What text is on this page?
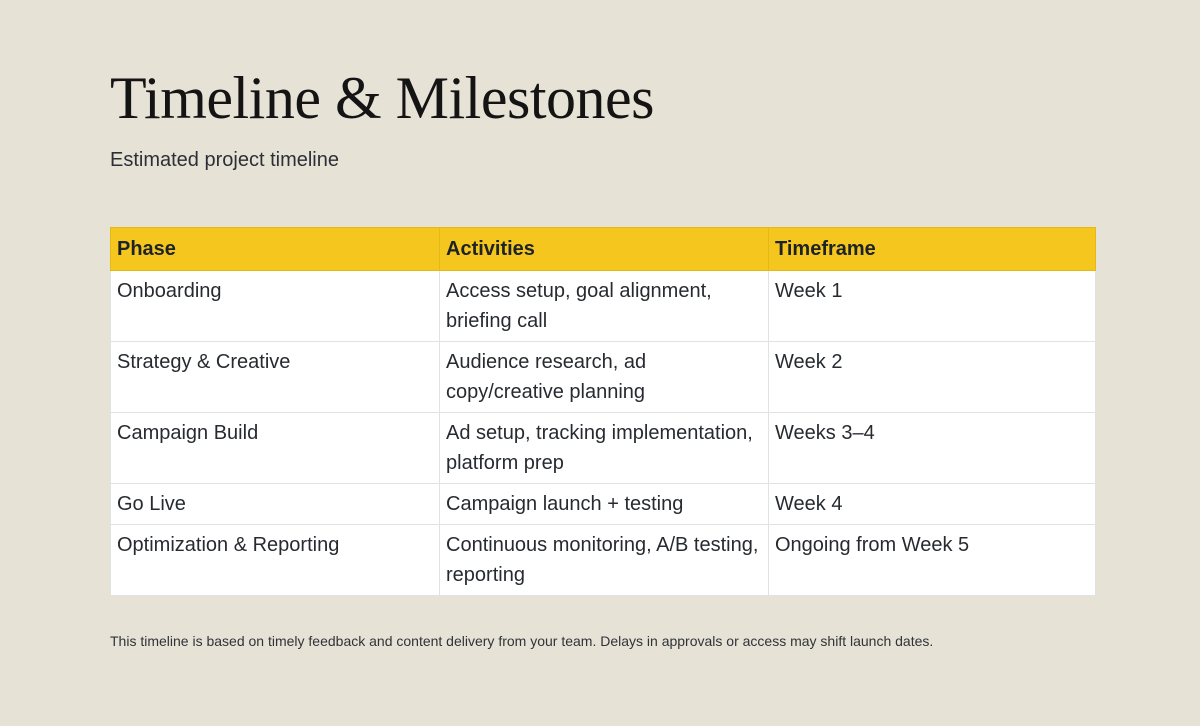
Timeline & Milestones

Estimated project timeline

Phase	Activities	Timeframe
Onboarding	Access setup, goal alignment, briefing call	Week 1
Strategy & Creative	Audience research, ad copy/creative planning	Week 2
Campaign Build	Ad setup, tracking implementation, platform prep	Weeks 3–4
Go Live	Campaign launch + testing	Week 4
Optimization & Reporting	Continuous monitoring, A/B testing, reporting	Ongoing from Week 5

This timeline is based on timely feedback and content delivery from your team. Delays in approvals or access may shift launch dates.
